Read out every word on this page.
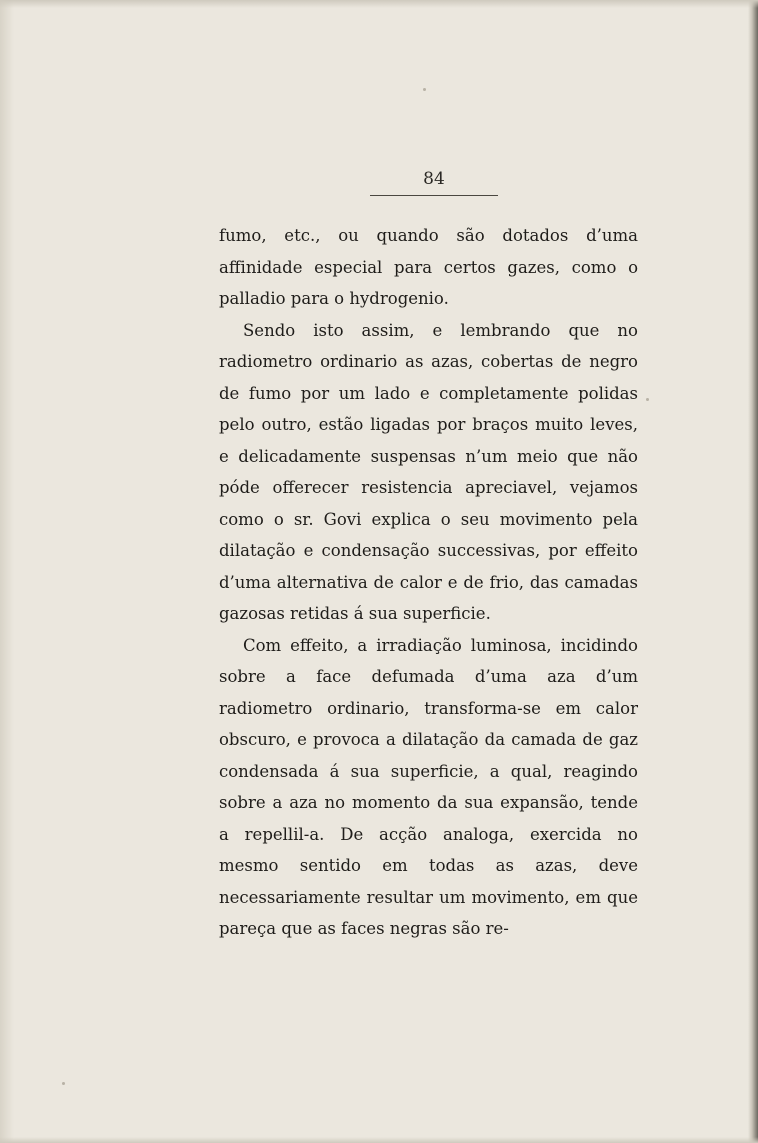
84

fumo, etc., ou quando são dotados d’uma affinidade especial para certos gazes, como o palladio para o hydrogenio.

Sendo isto assim, e lembrando que no radiometro ordinario as azas, cobertas de negro de fumo por um lado e completamente polidas pelo outro, estão ligadas por braços muito leves, e delicadamente suspensas n’um meio que não póde offerecer resistencia apreciavel, vejamos como o sr. Govi explica o seu movimento pela dilatação e condensação successivas, por effeito d’uma alternativa de calor e de frio, das camadas gazosas retidas á sua superficie.

Com effeito, a irradiação luminosa, incidindo sobre a face defumada d’uma aza d’um radiometro ordinario, transforma-se em calor obscuro, e provoca a dilatação da camada de gaz condensada á sua superficie, a qual, reagindo sobre a aza no momento da sua expansão, tende a repellil-a. De acção analoga, exercida no mesmo sentido em todas as azas, deve necessariamente resultar um movimento, em que pareça que as faces negras são re-
